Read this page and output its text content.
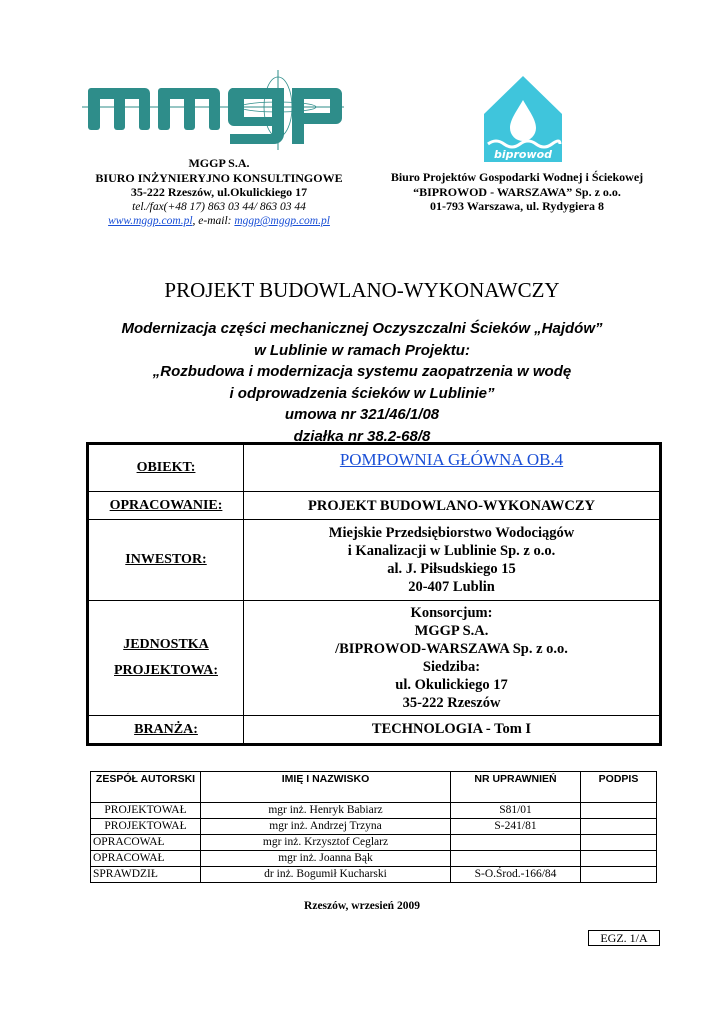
biprowod
MGGP S.A.
BIURO INŻYNIERYJNO KONSULTINGOWE
35-222 Rzeszów, ul.Okulickiego 17
tel./fax(+48 17) 863 03 44/ 863 03 44
www.mggp.com.pl, e-mail: mggp@mggp.com.pl
Biuro Projektów Gospodarki Wodnej i Ściekowej
“BIPROWOD - WARSZAWA” Sp. z o.o.
01-793 Warszawa, ul. Rydygiera 8
PROJEKT BUDOWLANO-WYKONAWCZY
Modernizacja części mechanicznej Oczyszczalni Ścieków „Hajdów”
w Lublinie w ramach Projektu:
„Rozbudowa i modernizacja systemu zaopatrzenia w wodę
i odprowadzenia ścieków w Lublinie”
umowa nr 321/46/1/08
działka nr 38.2-68/8
OBIEKT:	POMPOWNIA GŁÓWNA OB.4
OPRACOWANIE:	PROJEKT BUDOWLANO-WYKONAWCZY
INWESTOR:
Miejskie Przedsiębiorstwo Wodociągów
i Kanalizacji w Lublinie Sp. z o.o.
al. J. Piłsudskiego 15
20-407 Lublin
JEDNOSTKA
PROJEKTOWA:
Konsorcjum:
MGGP S.A.
/BIPROWOD-WARSZAWA Sp. z o.o.
Siedziba:
ul. Okulickiego 17
35-222 Rzeszów
BRANŻA:	TECHNOLOGIA - Tom I
ZESPÓŁ AUTORSKI	IMIĘ I NAZWISKO	NR UPRAWNIEŃ	PODPIS
PROJEKTOWAŁ	mgr inż. Henryk Babiarz	S81/01	
PROJEKTOWAŁ	mgr inż. Andrzej Trzyna	S-241/81	
OPRACOWAŁ	mgr inż. Krzysztof Ceglarz		
OPRACOWAŁ	mgr inż. Joanna Bąk		
SPRAWDZIŁ	dr inż. Bogumił Kucharski	S-O.Środ.-166/84	
Rzeszów, wrzesień 2009
EGZ. 1/A
